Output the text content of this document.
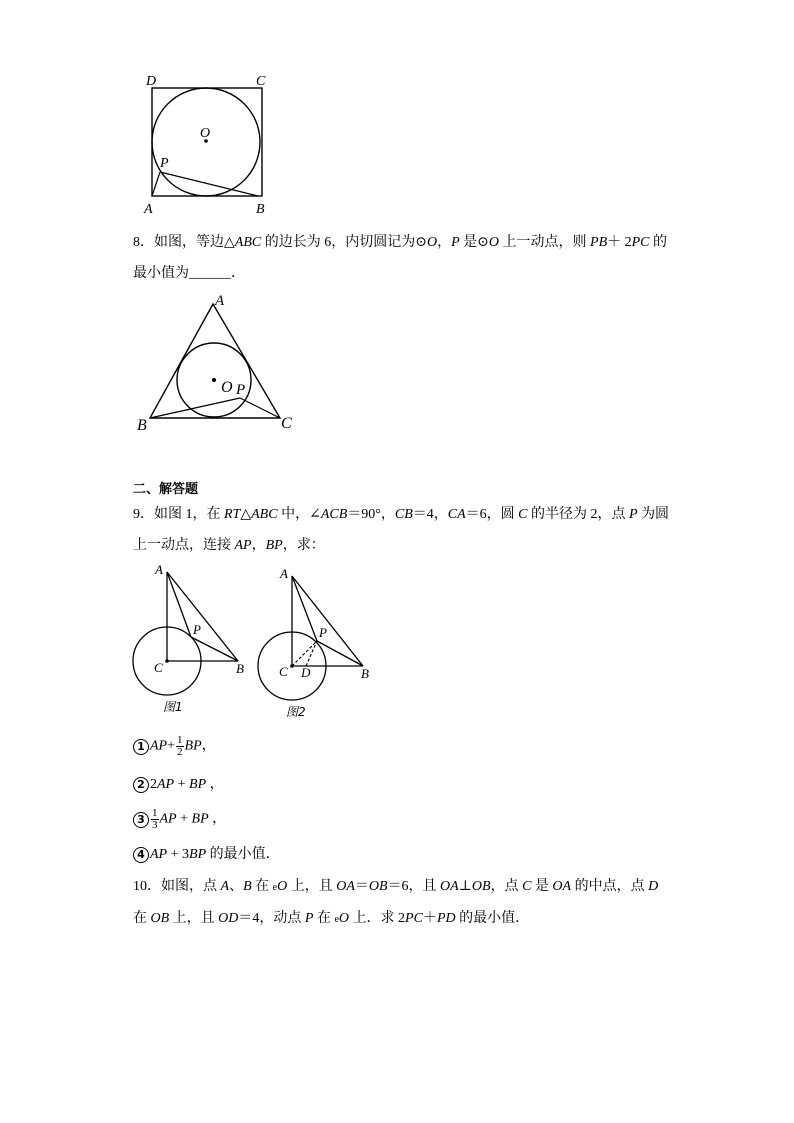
D	C
O
P
A	B
8．如图，等边△ABC 的边长为 6，内切圆记为⊙O，P 是⊙O 上一动点，则 PB＋ 2PC 的
最小值为______．
A
O P
B	C
二、解答题
9．如图 1，在 RT△ABC 中，∠ACB＝90°，CB＝4，CA＝6，圆 C 的半径为 2，点 P 为圆
上一动点，连接 AP，BP，求：
A
P
C	B
图1
A
P
C D	B
图2
1 $AP+ \frac{1}{2}$ BP，
2 2AP + BP ，
$3 \frac{1}{3}$ AP + BP ，
4 AP + 3BP 的最小值．
10．如图，点 A、B 在 eO 上，且 OA＝OB＝6，且 OA⊥OB，点 C 是 OA 的中点，点 D
在 OB 上，且 OD＝4，动点 P 在 eO 上．求 2PC＋PD 的最小值．
